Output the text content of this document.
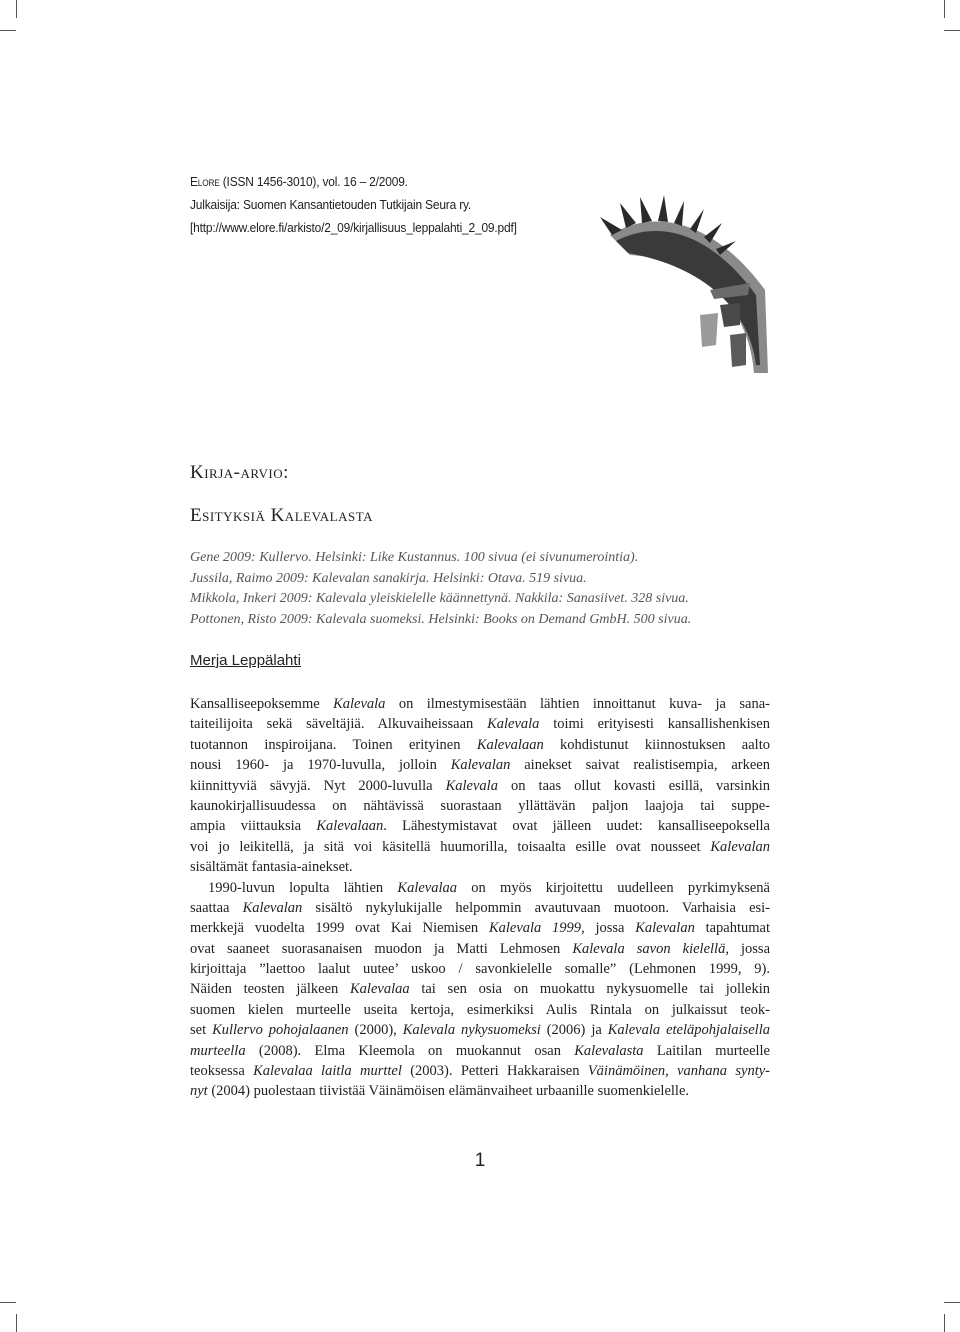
Elore (ISSN 1456-3010), vol. 16 – 2/2009.
Julkaisija: Suomen Kansantietouden Tutkijain Seura ry.
[http://www.elore.fi/arkisto/2_09/kirjallisuus_leppalahti_2_09.pdf]
Kirja-arvio:
Esityksiä Kalevalasta
Gene 2009: Kullervo. Helsinki: Like Kustannus. 100 sivua (ei sivunumerointia).
Jussila, Raimo 2009: Kalevalan sanakirja. Helsinki: Otava. 519 sivua.
Mikkola, Inkeri 2009: Kalevala yleiskielelle käännettynä. Nakkila: Sanasiivet. 328 sivua.
Pottonen, Risto 2009: Kalevala suomeksi. Helsinki: Books on Demand GmbH. 500 sivua.
Merja Leppälahti
Kansalliseepoksemme Kalevala on ilmestymisestään lähtien innoittanut kuva- ja sana-
taiteilijoita sekä säveltäjiä. Alkuvaiheissaan Kalevala toimi erityisesti kansallishenkisen
tuotannon inspiroijana. Toinen erityinen Kalevalaan kohdistunut kiinnostuksen aalto
nousi 1960- ja 1970-luvulla, jolloin Kalevalan ainekset saivat realistisempia, arkeen
kiinnittyviä sävyjä. Nyt 2000-luvulla Kalevala on taas ollut kovasti esillä, varsinkin
kaunokirjallisuudessa on nähtävissä suorastaan yllättävän paljon laajoja tai suppe-
ampia viittauksia Kalevalaan. Lähestymistavat ovat jälleen uudet: kansalliseepoksella
voi jo leikitellä, ja sitä voi käsitellä huumorilla, toisaalta esille ovat nousseet Kalevalan
sisältämät fantasia-ainekset.
1990-luvun lopulta lähtien Kalevalaa on myös kirjoitettu uudelleen pyrkimyksenä
saattaa Kalevalan sisältö nykylukijalle helpommin avautuvaan muotoon. Varhaisia esi-
merkkejä vuodelta 1999 ovat Kai Niemisen Kalevala 1999, jossa Kalevalan tapahtumat
ovat saaneet suorasanaisen muodon ja Matti Lehmosen Kalevala savon kielellä, jossa
kirjoittaja ”laettoo laalut uutee’ uskoo / savonkielelle somalle” (Lehmonen 1999, 9).
Näiden teosten jälkeen Kalevalaa tai sen osia on muokattu nykysuomelle tai jollekin
suomen kielen murteelle useita kertoja, esimerkiksi Aulis Rintala on julkaissut teok-
set Kullervo pohojalaanen (2000), Kalevala nykysuomeksi (2006) ja Kalevala eteläpohjalaisella
murteella (2008). Elma Kleemola on muokannut osan Kalevalasta Laitilan murteelle
teoksessa Kalevalaa laitla murttel (2003). Petteri Hakkaraisen Väinämöinen, vanhana synty-
nyt (2004) puolestaan tiivistää Väinämöisen elämänvaiheet urbaanille suomenkielelle.
1
